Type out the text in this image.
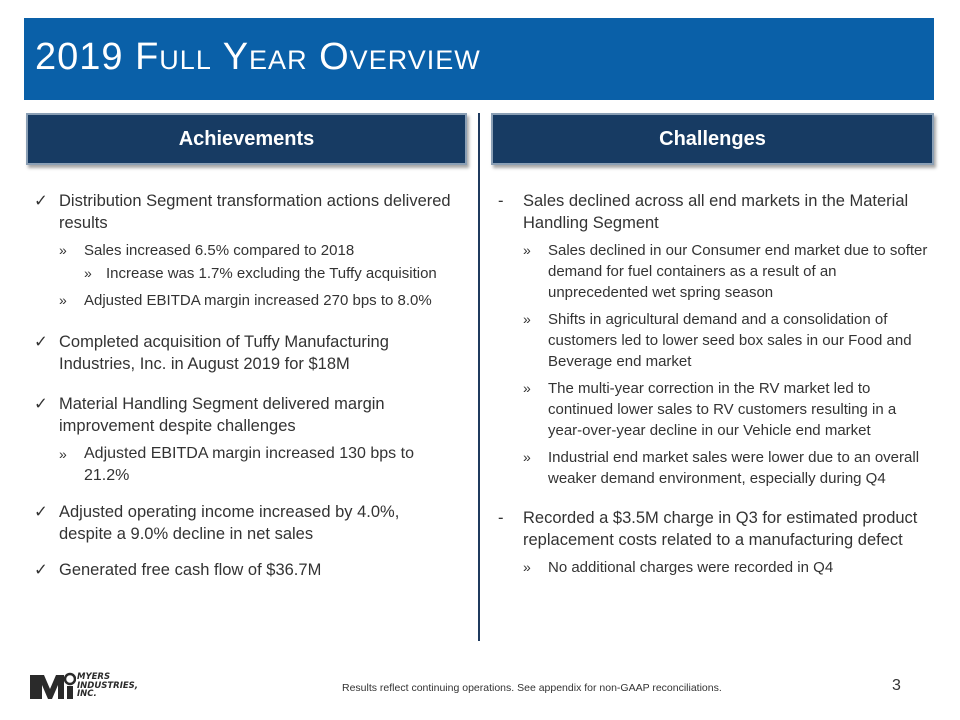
2019 Full Year Overview
Achievements	Challenges
✓ Distribution Segment transformation actions delivered results
»	Sales increased 6.5% compared to 2018
» Increase was 1.7% excluding the Tuffy acquisition
»	Adjusted EBITDA margin increased 270 bps to 8.0%
✓ Completed acquisition of Tuffy Manufacturing Industries, Inc. in August 2019 for $18M
✓ Material Handling Segment delivered margin improvement despite challenges
»	Adjusted EBITDA margin increased 130 bps to 21.2%
✓ Adjusted operating income increased by 4.0%, despite a 9.0% decline in net sales
✓ Generated free cash flow of $36.7M
-	Sales declined across all end markets in the Material Handling Segment
»	Sales declined in our Consumer end market due to softer demand for fuel containers as a result of an unprecedented wet spring season
»	Shifts in agricultural demand and a consolidation of customers led to lower seed box sales in our Food and Beverage end market
»	The multi-year correction in the RV market led to continued lower sales to RV customers resulting in a year-over-year decline in our Vehicle end market
»	Industrial end market sales were lower due to an overall weaker demand environment, especially during Q4
-	Recorded a $3.5M charge in Q3 for estimated product replacement costs related to a manufacturing defect
»	No additional charges were recorded in Q4
MYERS
INDUSTRIES,
INC.	Results reflect continuing operations. See appendix for non-GAAP reconciliations.	3
